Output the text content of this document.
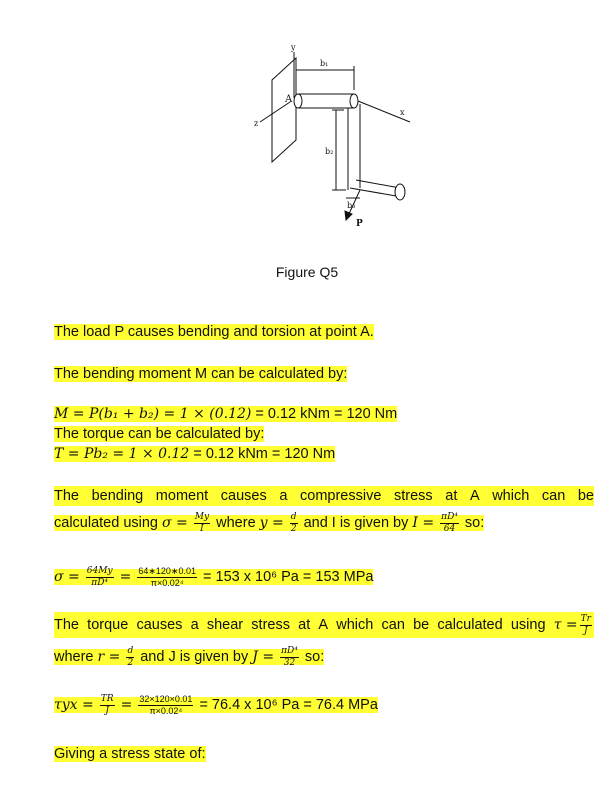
y
A
b₁
x
z
b₂
b₃
P
Figure Q5
The load P causes bending and torsion at point A.
The bending moment M can be calculated by:
M = P(b₁ + b₂) = 1 × (0.12) = 0.12 kNm = 120 Nm
The torque can be calculated by:
T = Pb₂ = 1 × 0.12 = 0.12 kNm = 120 Nm
The bending moment causes a compressive stress at A which can be
calculated using $\sigma = \frac{My}{I}$ where $y = \frac{d}{2}$ and I is given by $I = \frac{\text{πD⁴}}{64}$ so:
$\sigma = \frac{64My}{\text{πD⁴}} = \frac{64∗120∗0.01}{\text{π×0.02⁴}} = 153$ x 10⁶ Pa = 153 MPa
The torque causes a shear stress at A which can be calculated using $\tau = \frac{Tr}{J}$
where $r = \frac{d}{2}$ and J is given by $J = \frac{\text{πD⁴}}{32}$ so:
$\tau yx = \frac{TR}{J} = \frac{32\times 120\times 0.01}{\text{π×0.02⁴}} = 76.4$ x 10⁶ Pa = 76.4 MPa
Giving a stress state of:
